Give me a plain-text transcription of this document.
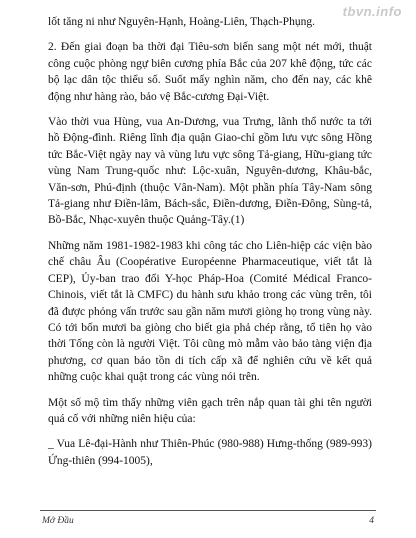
tbvn.info

lốt tăng ni như Nguyên-Hạnh, Hoàng-Liên, Thạch-Phụng.

2. Đến giai đoạn ba thời đại Tiêu-sơn biến sang một nét mới, thuật công cuộc phòng ngự biên cương phía Bắc của 207 khê động, tức các bộ lạc dân tộc thiểu số. Suốt mấy nghìn năm, cho đến nay, các khê động như hàng rào, bảo vệ Bắc-cương Đại-Việt.

Vào thời vua Hùng, vua An-Dương, vua Trưng, lãnh thổ nước ta tới hồ Động-đình. Riêng lĩnh địa quận Giao-chỉ gồm lưu vực sông Hồng tức Bắc-Việt ngày nay và vùng lưu vực sông Tả-giang, Hữu-giang tức vùng Nam Trung-quốc như: Lộc-xuân, Nguyên-dương, Khâu-bắc, Văn-sơn, Phú-định (thuộc Vân-Nam). Một phần phía Tây-Nam sông Tả-giang như Điền-lâm, Bách-sắc, Điền-dương, Điền-Đông, Sùng-tả, Bồ-Bắc, Nhạc-xuyên thuộc Quảng-Tây.(1)

Những năm 1981-1982-1983 khi công tác cho Liên-hiệp các viện bào chế châu Âu (Coopérative Européenne Pharmaceutique, viết tắt là CEP), Ủy-ban trao đổi Y-học Pháp-Hoa (Comité Médical Franco-Chinois, viết tắt là CMFC) du hành sưu khảo trong các vùng trên, tôi đã được phỏng vấn trước sau gần năm mươi giòng họ trong vùng này. Có tới bốn mươi ba giòng cho biết gia phả chép rằng, tổ tiên họ vào thời Tống còn là người Việt. Tôi cũng mò mẫm vào bảo tàng viện địa phương, cơ quan bảo tồn di tích cấp xã để nghiên cứu về kết quả những cuộc khai quật trong các vùng nói trên.

Một số mộ tìm thấy những viên gạch trên nắp quan tài ghi tên người quá cố với những niên hiệu của:

_ Vua Lê-đại-Hành như Thiên-Phúc (980-988) Hưng-thống (989-993) Ứng-thiên (994-1005),

Mở Đầu	4
